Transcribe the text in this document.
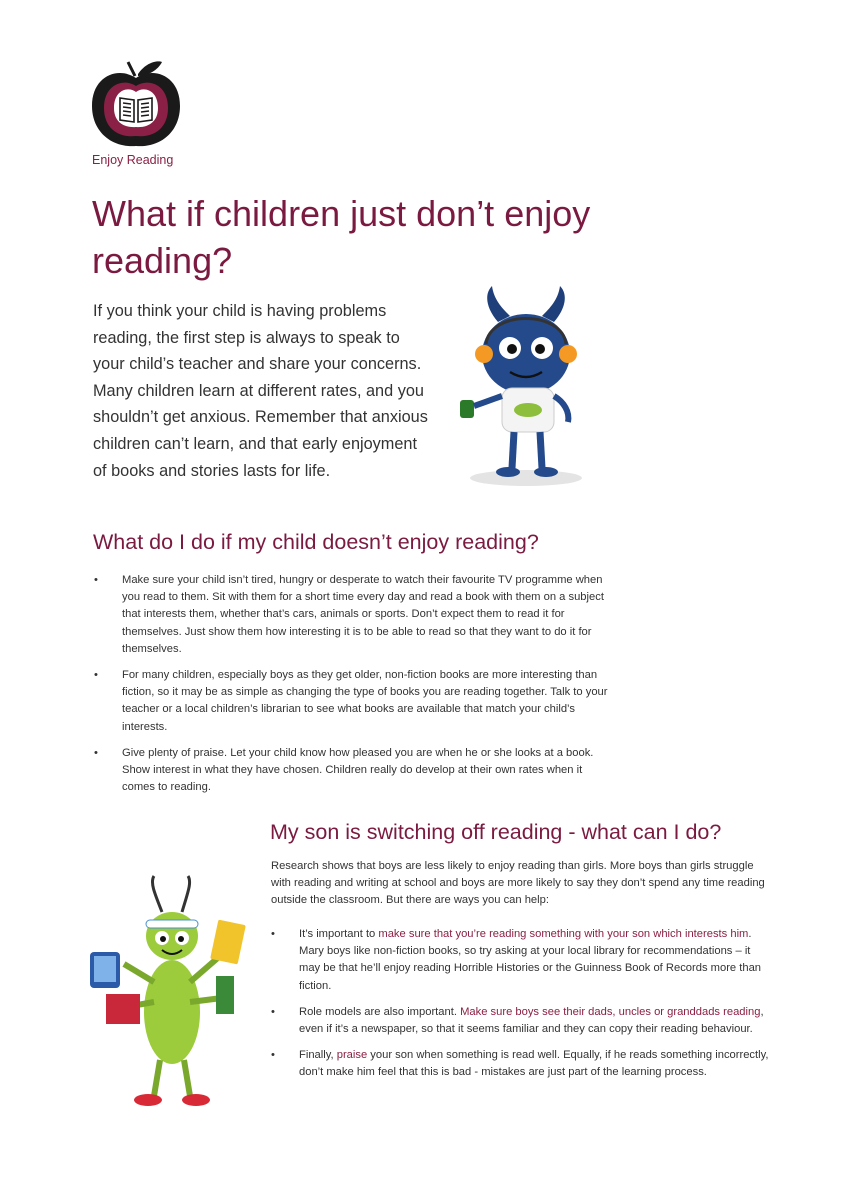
Enjoy Reading
What if children just don’t enjoy reading?

If you think your child is having problems reading, the first step is always to speak to your child’s teacher and share your concerns. Many children learn at different rates, and you shouldn’t get anxious. Remember that anxious children can’t learn, and that early enjoyment of books and stories lasts for life.

What do I do if my child doesn’t enjoy reading?
• Make sure your child isn’t tired, hungry or desperate to watch their favourite TV programme when you read to them. Sit with them for a short time every day and read a book with them on a subject that interests them, whether that’s cars, animals or sports. Don’t expect them to read it for themselves. Just show them how interesting it is to be able to read so that they want to do it for themselves.
• For many children, especially boys as they get older, non-fiction books are more interesting than fiction, so it may be as simple as changing the type of books you are reading together. Talk to your teacher or a local children’s librarian to see what books are available that match your child’s interests.
• Give plenty of praise. Let your child know how pleased you are when he or she looks at a book. Show interest in what they have chosen. Children really do develop at their own rates when it comes to reading.
My son is switching off reading - what can I do?

Research shows that boys are less likely to enjoy reading than girls. More boys than girls struggle with reading and writing at school and boys are more likely to say they don’t spend any time reading outside the classroom. But there are ways you can help:

• It’s important to make sure that you’re reading something with your son which interests him. Mary boys like non-fiction books, so try asking at your local library for recommendations – it may be that he’ll enjoy reading Horrible Histories or the Guinness Book of Records more than fiction.
• Role models are also important. Make sure boys see their dads, uncles or granddads reading, even if it’s a newspaper, so that it seems familiar and they can copy their reading behaviour.
• Finally, praise your son when something is read well. Equally, if he reads something incorrectly, don’t make him feel that this is bad - mistakes are just part of the learning process.
